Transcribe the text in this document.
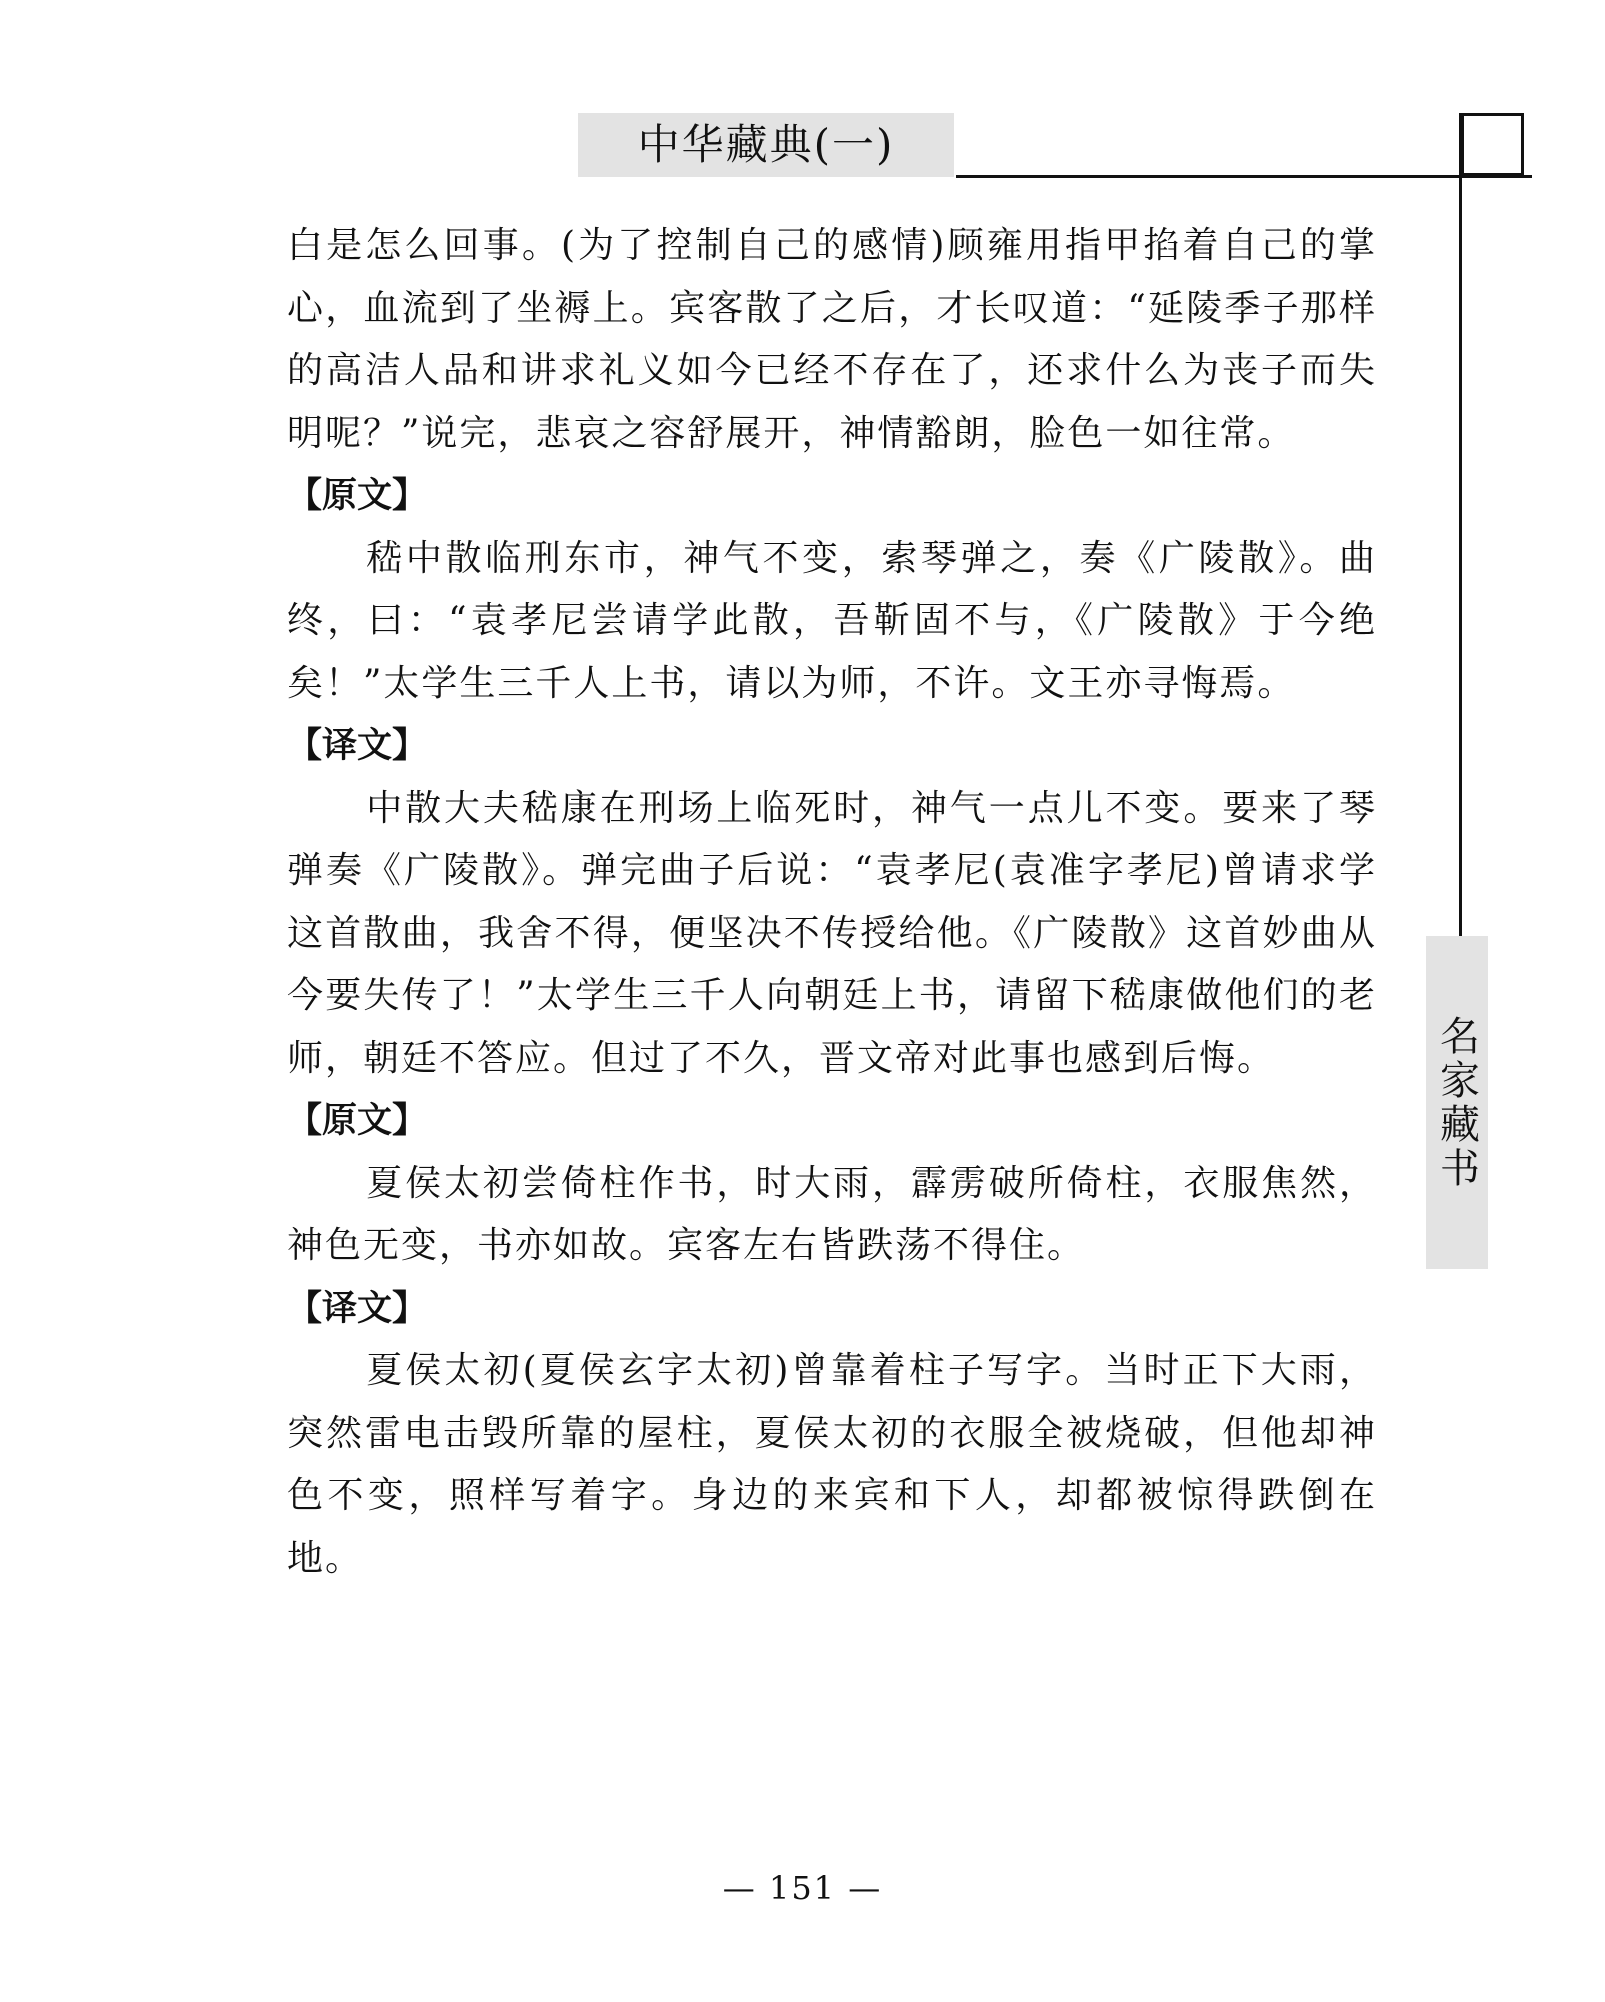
中华藏典(一)
名家藏书

白是怎么回事。(为了控制自己的感情)顾雍用指甲掐着自己的掌心，血流到了坐褥上。宾客散了之后，才长叹道：“延陵季子那样的高洁人品和讲求礼义如今已经不存在了，还求什么为丧子而失明呢？”说完，悲哀之容舒展开，神情豁朗，脸色一如往常。

【原文】

嵇中散临刑东市，神气不变，索琴弹之，奏《广陵散》。曲终，曰：“袁孝尼尝请学此散，吾靳固不与，《广陵散》于今绝矣！”太学生三千人上书，请以为师，不许。文王亦寻悔焉。

【译文】

中散大夫嵇康在刑场上临死时，神气一点儿不变。要来了琴弹奏《广陵散》。弹完曲子后说：“袁孝尼(袁准字孝尼)曾请求学这首散曲，我舍不得，便坚决不传授给他。《广陵散》这首妙曲从今要失传了！”太学生三千人向朝廷上书，请留下嵇康做他们的老师，朝廷不答应。但过了不久，晋文帝对此事也感到后悔。

【原文】

夏侯太初尝倚柱作书，时大雨，霹雳破所倚柱，衣服焦然，神色无变，书亦如故。宾客左右皆跌荡不得住。

【译文】

夏侯太初(夏侯玄字太初)曾靠着柱子写字。当时正下大雨，突然雷电击毁所靠的屋柱，夏侯太初的衣服全被烧破，但他却神色不变，照样写着字。身边的来宾和下人，却都被惊得跌倒在地。

— 151 —
